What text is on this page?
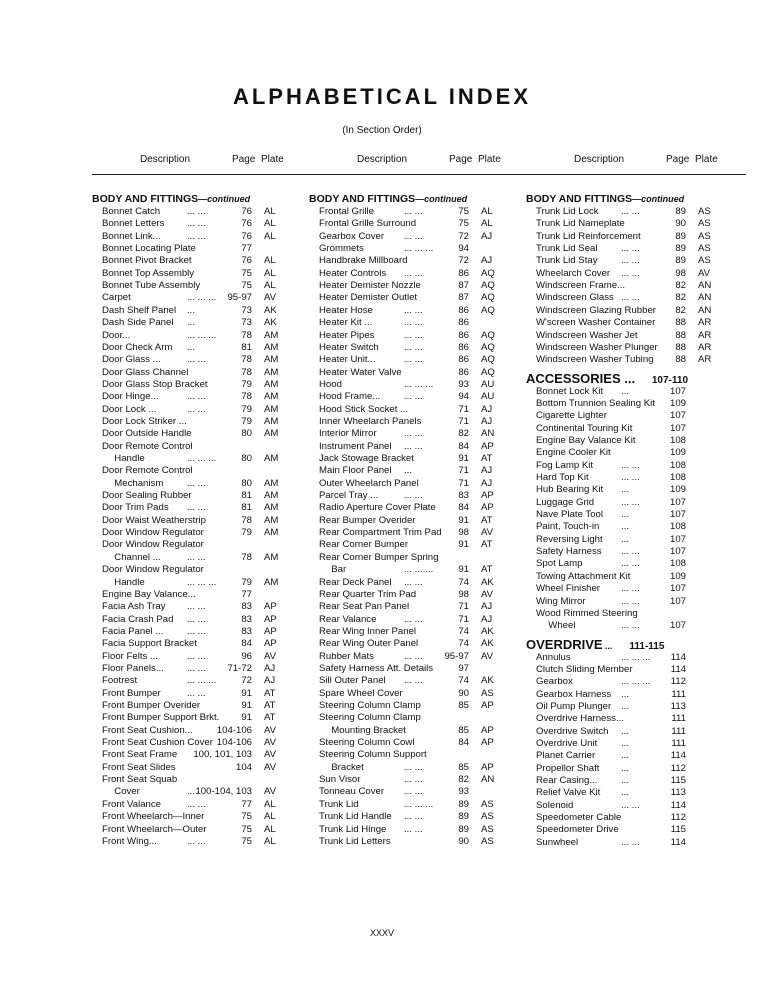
ALPHABETICAL INDEX
(In Section Order)
Description	Page Plate
BODY AND FITTINGS—continued
Bonnet Catch	... ...	76 AL
Bonnet Letters ... ...	76 AL
Bonnet Link...	... ...	76 AL
Bonnet Locating Plate	77
Bonnet Pivot Bracket	76 AL
Bonnet Top Assembly	75 AL
Bonnet Tube Assembly	75 AL
Carpet	... ... ... 95-97 AV
Dash Shelf Panel ...	73 AK
Dash Side Panel ...	73 AK
Door...	... ... ...	78 AM
Door Check Arm ...	81 AM
Door Glass ...	... ...	78 AM
Door Glass Channel	78 AM
Door Glass Stop Bracket	79 AM
Door Hinge...	... ...	78 AM
Door Lock ...	... ...	79 AM
Door Lock Striker ...	79 AM
Door Outside Handle	80 AM
Door Remote Control
  Handle	... ... ...	80 AM
Door Remote Control
  Mechanism ... ...	80 AM
Door Sealing Rubber	81 AM
Door Trim Pads ... ...	81 AM
Door Waist Weatherstrip	78 AM
Door Window Regulator	79 AM
Door Window Regulator
  Channel ...	... ...	78 AM
Door Window Regulator
  Handle	... ... ...	79 AM
Engine Bay Valance...	77
Facia Ash Tray ... ...	83 AP
Facia Crash Pad ... ...	83 AP
Facia Panel ... ... ...	83 AP
Facia Support Bracket	84 AP
Floor Felts ...	... ...	96 AV
Floor Panels... ... ... 71-72 AJ
Footrest	... ... ...	72 AJ
Front Bumper	... ...	91 AT
Front Bumper Overider	91 AT
Front Bumper Support Brkt. 91 AT
Front Seat Cushion...	104-106 AV
Front Seat Cushion Cover 104-106 AV
Front Seat Frame 100, 101, 103 AV
Front Seat Slides	104 AV
Front Seat Squab
  Cover	... 100-104, 103 AV
Front Valance	... ...	77 AL
Front Wheelarch—Inner	75 AL
Front Wheelarch—Outer	75 AL
Front Wing...	... ...	75 AL
Description	Page Plate
BODY AND FITTINGS—continued
Frontal Grille	... ...	75 AL
Frontal Grille Surround	75 AL
Gearbox Cover ... ...	72 AJ
Grommets	... ... ...	94
Handbrake Millboard	72 AJ
Heater Controls ... ...	86 AQ
Heater Demister Nozzle	87 AQ
Heater Demister Outlet	87 AQ
Heater Hose	... ...	86 AQ
Heater Kit ...	... ...	86
Heater Pipes	... ...	86 AQ
Heater Switch	... ...	86 AQ
Heater Unit...	... ...	86 AQ
Heater Water Valve	86 AQ
Hood	... ... ...	93 AU
Hood Frame... ... ...	94 AU
Hood Stick Socket ...	71 AJ
Inner Wheelarch Panels	71 AJ
Interior Mirror	... ...	82 AN
Instrument Panel ... ...	84 AP
Jack Stowage Bracket	91 AT
Main Floor Panel ...	71 AJ
Outer Wheelarch Panel	71 AJ
Parcel Tray ...	... ...	83 AP
Radio Aperture Cover Plate 84 AP
Rear Bumper Overider	91 AT
Rear Compartment Trim Pad 98 AV
Rear Corner Bumper	91 AT
Rear Corner Bumper Spring
  Bar	... ... ...	91 AT
Rear Deck Panel ... ...	74 AK
Rear Quarter Trim Pad	98 AV
Rear Seat Pan Panel	71 AJ
Rear Valance	... ...	71 AJ
Rear Wing Inner Panel	74 AK
Rear Wing Outer Panel	74 AK
Rubber Mats	... ... 95-97 AV
Safety Harness Att. Details	97
Sill Outer Panel ... ...	74 AK
Spare Wheel Cover	90 AS
Steering Column Clamp	85 AP
Steering Column Clamp
  Mounting Bracket	85 AP
Steering Column Cowl	84 AP
Steering Column Support
  Bracket	... ...	85 AP
Sun Visor	... ...	82 AN
Tonneau Cover ... ...	93
Trunk Lid	... ... ...	89 AS
Trunk Lid Handle ... ...	89 AS
Trunk Lid Hinge ... ...	89 AS
Trunk Lid Letters	90 AS
Description	Page Plate
BODY AND FITTINGS—continued
Trunk Lid Lock ... ...	89 AS
Trunk Lid Nameplate	90 AS
Trunk Lid Reinforcement	89 AS
Trunk Lid Seal ... ...	89 AS
Trunk Lid Stay ... ...	89 AS
Wheelarch Cover ... ...	98 AV
Windscreen Frame...	82 AN
Windscreen Glass ... ...	82 AN
Windscreen Glazing Rubber 82 AN
W'screen Washer Container 88 AR
Windscreen Washer Jet	88 AR
Windscreen Washer Plunger 88 AR
Windscreen Washer Tubing 88 AR
ACCESSORIES ... 107-110
Bonnet Lock Kit ...	107
Bottom Trunnion Sealing Kit 109
Cigarette Lighter	107
Continental Touring Kit	107
Engine Bay Valance Kit	108
Engine Cooler Kit	109
Fog Lamp Kit	... ...	108
Hard Top Kit	... ...	108
Hub Bearing Kit ...	109
Luggage Grid	... ...	107
Nave Plate Tool ...	107
Paint, Touch-in ...	108
Reversing Light ...	107
Safety Harness ... ...	107
Spot Lamp	... ...	108
Towing Attachment Kit	109
Wheel Finisher ... ...	107
Wing Mirror	... ...	107
Wood Rimmed Steering
  Wheel	... ...	107
OVERDRIVE ... 111-115
Annulus	... ... ... 114
Clutch Sliding Member	114
Gearbox	... ... ... 112
Gearbox Harness ...	111
Oil Pump Plunger ...	113
Overdrive Harness...	111
Overdrive Switch ...	111
Overdrive Unit ...	111
Planet Carrier	...	114
Propellor Shaft ...	112
Rear Casing... ...	115
Relief Valve Kit ...	113
Solenoid	... ...	114
Speedometer Cable	112
Speedometer Drive	115
Sunwheel	... ...	114
XXXV
